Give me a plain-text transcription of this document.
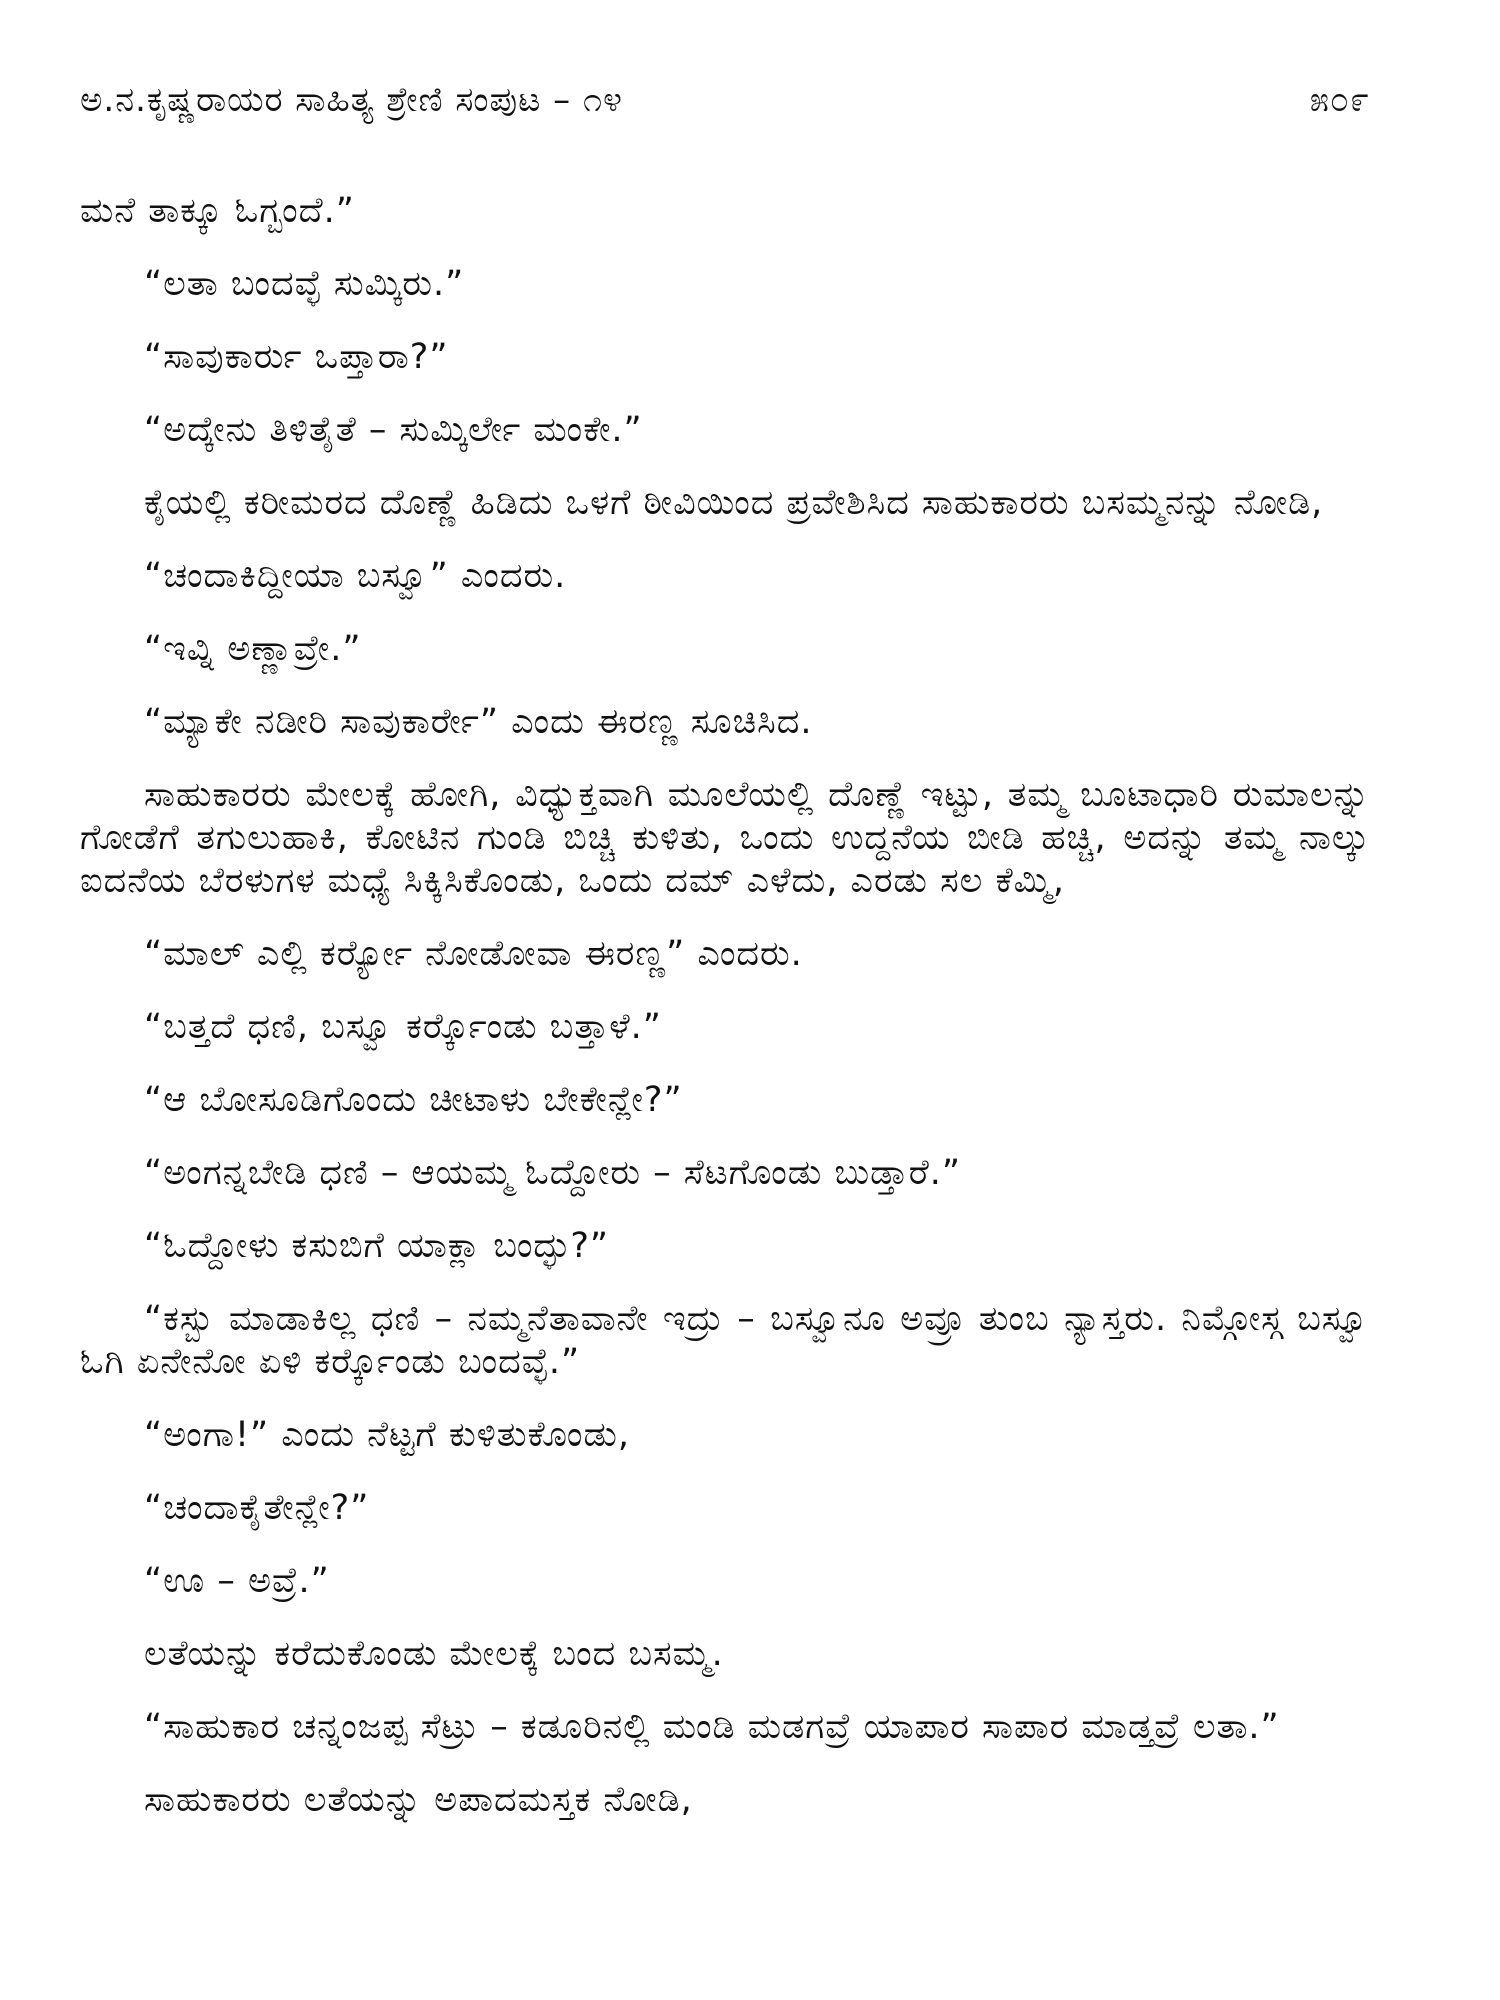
ಅ.ನ.ಕೃಷ್ಣರಾಯರ ಸಾಹಿತ್ಯ ಶ್ರೇಣಿ ಸಂಪುಟ – ೧೪	೫೦೯

ಮನೆ ತಾಕ್ಕೂ ಓಗ್ಬಂದೆ.”

“ಲತಾ ಬಂದವ್ಳೆ ಸುಮ್ಕಿರು.”

“ಸಾವುಕಾರ್ರು ಒಪ್ತಾರಾ?”

“ಅದ್ಕೇನು ತಿಳಿತೈತೆ – ಸುಮ್ಕಿರ್ಲೇ ಮಂಕೇ.”

ಕೈಯಲ್ಲಿ ಕರೀಮರದ ದೊಣ್ಣೆ ಹಿಡಿದು ಒಳಗೆ ಠೀವಿಯಿಂದ ಪ್ರವೇಶಿಸಿದ ಸಾಹುಕಾರರು ಬಸಮ್ಮನನ್ನು ನೋಡಿ,

“ಚಂದಾಕಿದ್ದೀಯಾ ಬಸ್ವೂ” ಎಂದರು.

“ಇವ್ನಿ ಅಣ್ಣಾವ್ರೇ.”

“ಮ್ಯಾಕೇ ನಡೀರಿ ಸಾವುಕಾರ್ರೇ” ಎಂದು ಈರಣ್ಣ ಸೂಚಿಸಿದ.

ಸಾಹುಕಾರರು ಮೇಲಕ್ಕೆ ಹೋಗಿ, ವಿಧ್ಯುಕ್ತವಾಗಿ ಮೂಲೆಯಲ್ಲಿ ದೊಣ್ಣೆ ಇಟ್ಟು, ತಮ್ಮ ಬೂಟಾಧಾರಿ ರುಮಾಲನ್ನು ಗೋಡೆಗೆ ತಗುಲುಹಾಕಿ, ಕೋಟಿನ ಗುಂಡಿ ಬಿಚ್ಚಿ ಕುಳಿತು, ಒಂದು ಉದ್ದನೆಯ ಬೀಡಿ ಹಚ್ಚಿ, ಅದನ್ನು ತಮ್ಮ ನಾಲ್ಕು ಐದನೆಯ ಬೆರಳುಗಳ ಮಧ್ಯೆ ಸಿಕ್ಕಿಸಿಕೊಂಡು, ಒಂದು ದಮ್ ಎಳೆದು, ಎರಡು ಸಲ ಕೆಮ್ಮಿ,

“ಮಾಲ್ ಎಲ್ಲಿ ಕರ್ರ್ಯೋ ನೋಡೋವಾ ಈರಣ್ಣ” ಎಂದರು.

“ಬತ್ತದೆ ಧಣಿ, ಬಸ್ವೂ ಕರ್ರ್ಕೊಂಡು ಬತ್ತಾಳೆ.”

“ಆ ಬೋಸೂಡಿಗೊಂದು ಚೀಟಾಳು ಬೇಕೇನ್ಲೇ?”

“ಅಂಗನ್ನಬೇಡಿ ಧಣಿ – ಆಯಮ್ಮ ಓದ್ದೋರು – ಸೆಟಗೊಂಡು ಬುಡ್ತಾರೆ.”

“ಓದ್ದೋಳು ಕಸುಬಿಗೆ ಯಾಕ್ಲಾ ಬಂದ್ಳು?”

“ಕಸ್ಬು ಮಾಡಾಕಿಲ್ಲ ಧಣಿ – ನಮ್ಮನೆತಾವಾನೇ ಇದ್ರು – ಬಸ್ವೂನೂ ಅವ್ರೂ ತುಂಬ ನ್ಯಾಸ್ತರು. ನಿಮ್ಗೋಸ್ಗ ಬಸ್ವೂ ಓಗಿ ಏನೇನೋ ಏಳಿ ಕರ್ರ್ಕೊಂಡು ಬಂದವ್ಳೆ.”

“ಅಂಗಾ!” ಎಂದು ನೆಟ್ಟಗೆ ಕುಳಿತುಕೊಂಡು,

“ಚಂದಾಕೈತೇನ್ಲೇ?”

“ಊ – ಅವ್ರೆ.”

ಲತೆಯನ್ನು ಕರೆದುಕೊಂಡು ಮೇಲಕ್ಕೆ ಬಂದ ಬಸಮ್ಮ.

“ಸಾಹುಕಾರ ಚನ್ನಂಜಪ್ಪ ಸೆಟ್ರು – ಕಡೂರಿನಲ್ಲಿ ಮಂಡಿ ಮಡಗವ್ರೆ ಯಾಪಾರ ಸಾಪಾರ ಮಾಡ್ತವ್ರೆ ಲತಾ.”

ಸಾಹುಕಾರರು ಲತೆಯನ್ನು ಅಪಾದಮಸ್ತಕ ನೋಡಿ,
